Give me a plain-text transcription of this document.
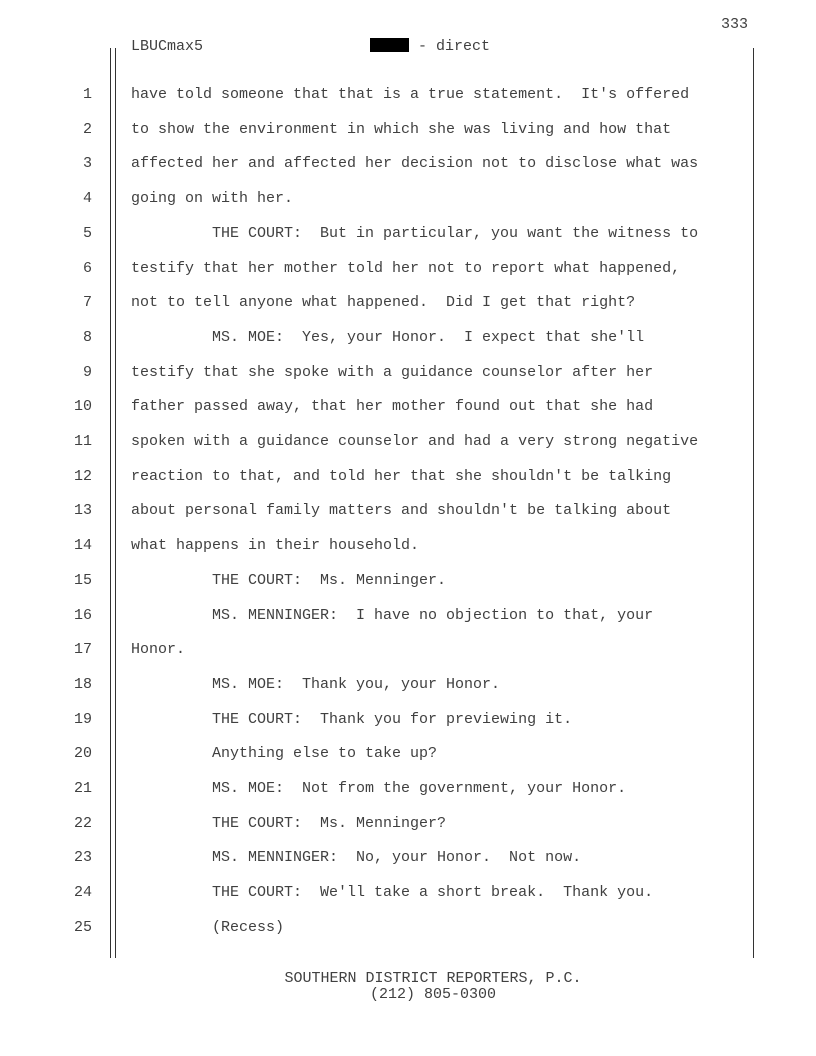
333
LBUCmax5	- direct
1	have told someone that that is a true statement.  It's offered
2	to show the environment in which she was living and how that
3	affected her and affected her decision not to disclose what was
4	going on with her.
5	THE COURT:  But in particular, you want the witness to
6	testify that her mother told her not to report what happened,
7	not to tell anyone what happened.  Did I get that right?
8	MS. MOE:  Yes, your Honor.  I expect that she'll
9	testify that she spoke with a guidance counselor after her
10	father passed away, that her mother found out that she had
11	spoken with a guidance counselor and had a very strong negative
12	reaction to that, and told her that she shouldn't be talking
13	about personal family matters and shouldn't be talking about
14	what happens in their household.
15	THE COURT:  Ms. Menninger.
16	MS. MENNINGER:  I have no objection to that, your
17	Honor.
18	MS. MOE:  Thank you, your Honor.
19	THE COURT:  Thank you for previewing it.
20	Anything else to take up?
21	MS. MOE:  Not from the government, your Honor.
22	THE COURT:  Ms. Menninger?
23	MS. MENNINGER:  No, your Honor.  Not now.
24	THE COURT:  We'll take a short break.  Thank you.
25	(Recess)
SOUTHERN DISTRICT REPORTERS, P.C.
(212) 805-0300
